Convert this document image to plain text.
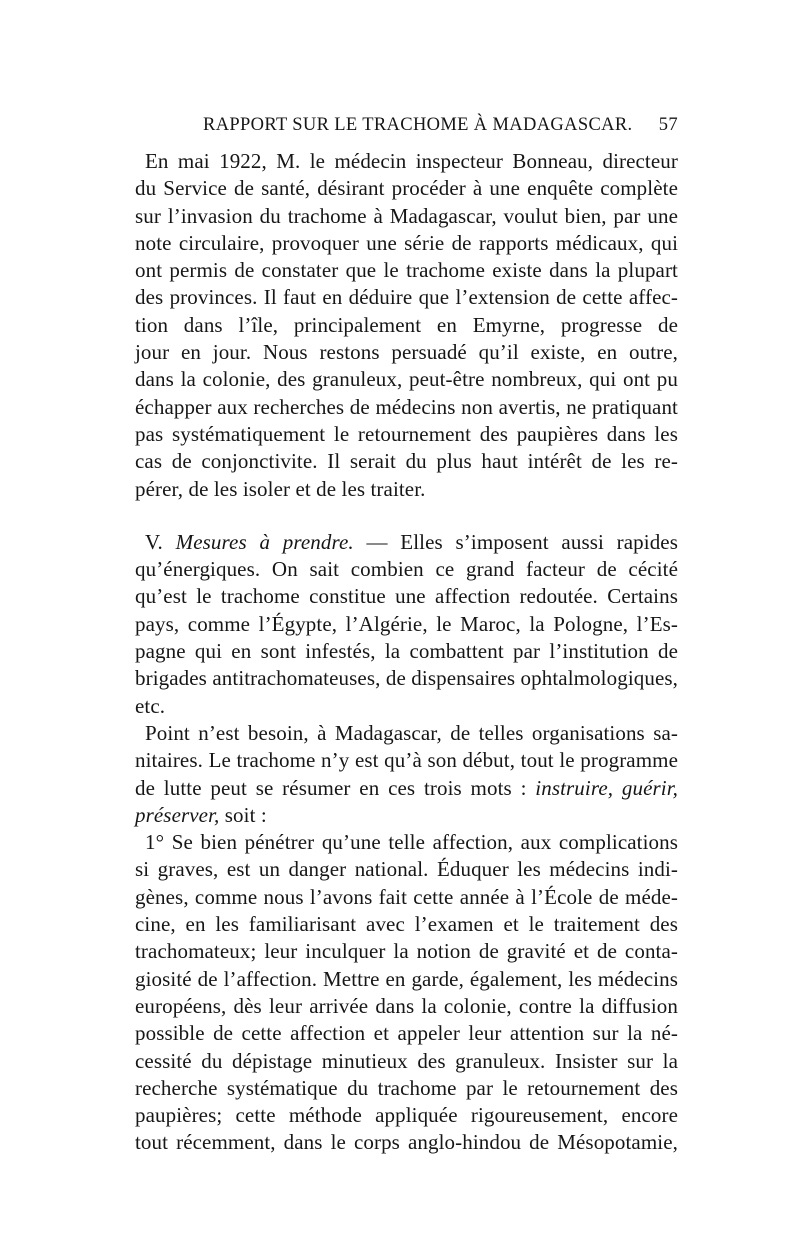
RAPPORT SUR LE TRACHOME À MADAGASCAR. 57
En mai 1922, M. le médecin inspecteur Bonneau, directeur
du Service de santé, désirant procéder à une enquête complète
sur l’invasion du trachome à Madagascar, voulut bien, par une
note circulaire, provoquer une série de rapports médicaux, qui
ont permis de constater que le trachome existe dans la plupart
des provinces. Il faut en déduire que l’extension de cette affec-
tion dans l’île, principalement en Emyrne, progresse de
jour en jour. Nous restons persuadé qu’il existe, en outre,
dans la colonie, des granuleux, peut-être nombreux, qui ont pu
échapper aux recherches de médecins non avertis, ne pratiquant
pas systématiquement le retournement des paupières dans les
cas de conjonctivite. Il serait du plus haut intérêt de les re-
pérer, de les isoler et de les traiter.
V. Mesures à prendre. — Elles s’imposent aussi rapides
qu’énergiques. On sait combien ce grand facteur de cécité
qu’est le trachome constitue une affection redoutée. Certains
pays, comme l’Égypte, l’Algérie, le Maroc, la Pologne, l’Es-
pagne qui en sont infestés, la combattent par l’institution de
brigades antitrachomateuses, de dispensaires ophtalmologiques,
etc.
Point n’est besoin, à Madagascar, de telles organisations sa-
nitaires. Le trachome n’y est qu’à son début, tout le programme
de lutte peut se résumer en ces trois mots : instruire, guérir,
préserver, soit :
1° Se bien pénétrer qu’une telle affection, aux complications
si graves, est un danger national. Éduquer les médecins indi-
gènes, comme nous l’avons fait cette année à l’École de méde-
cine, en les familiarisant avec l’examen et le traitement des
trachomateux; leur inculquer la notion de gravité et de conta-
giosité de l’affection. Mettre en garde, également, les médecins
européens, dès leur arrivée dans la colonie, contre la diffusion
possible de cette affection et appeler leur attention sur la né-
cessité du dépistage minutieux des granuleux. Insister sur la
recherche systématique du trachome par le retournement des
paupières; cette méthode appliquée rigoureusement, encore
tout récemment, dans le corps anglo-hindou de Mésopotamie,
